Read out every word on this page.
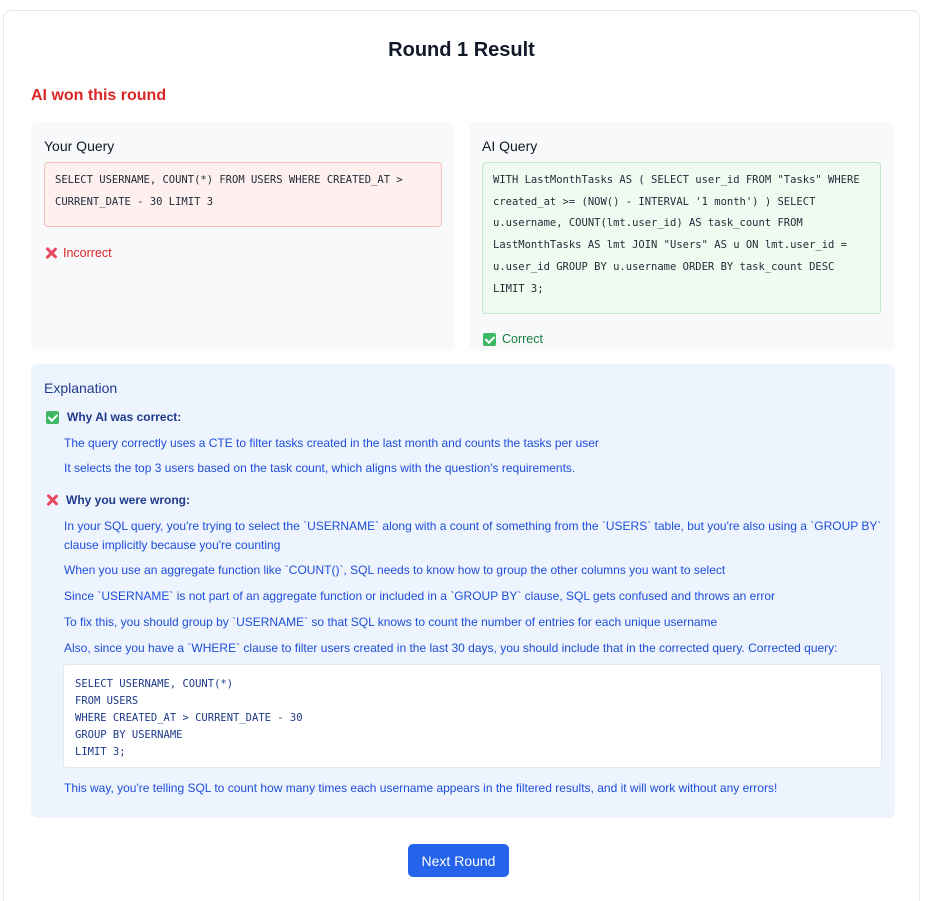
Round 1 Result
AI won this round
Your Query
SELECT USERNAME, COUNT(*) FROM USERS WHERE CREATED_AT > CURRENT_DATE - 30 LIMIT 3
Incorrect
AI Query
WITH LastMonthTasks AS ( SELECT user_id FROM "Tasks" WHERE created_at >= (NOW() - INTERVAL '1 month') ) SELECT u.username, COUNT(lmt.user_id) AS task_count FROM LastMonthTasks AS lmt JOIN "Users" AS u ON lmt.user_id = u.user_id GROUP BY u.username ORDER BY task_count DESC LIMIT 3;
Correct
Explanation
Why AI was correct:
The query correctly uses a CTE to filter tasks created in the last month and counts the tasks per user
It selects the top 3 users based on the task count, which aligns with the question's requirements.
Why you were wrong:
In your SQL query, you're trying to select the `USERNAME` along with a count of something from the `USERS` table, but you're also using a `GROUP BY` clause implicitly because you're counting
When you use an aggregate function like `COUNT()`, SQL needs to know how to group the other columns you want to select
Since `USERNAME` is not part of an aggregate function or included in a `GROUP BY` clause, SQL gets confused and throws an error
To fix this, you should group by `USERNAME` so that SQL knows to count the number of entries for each unique username
Also, since you have a `WHERE` clause to filter users created in the last 30 days, you should include that in the corrected query. Corrected query:
SELECT USERNAME, COUNT(*)
FROM USERS
WHERE CREATED_AT > CURRENT_DATE - 30
GROUP BY USERNAME
LIMIT 3;
This way, you're telling SQL to count how many times each username appears in the filtered results, and it will work without any errors!
Next Round
